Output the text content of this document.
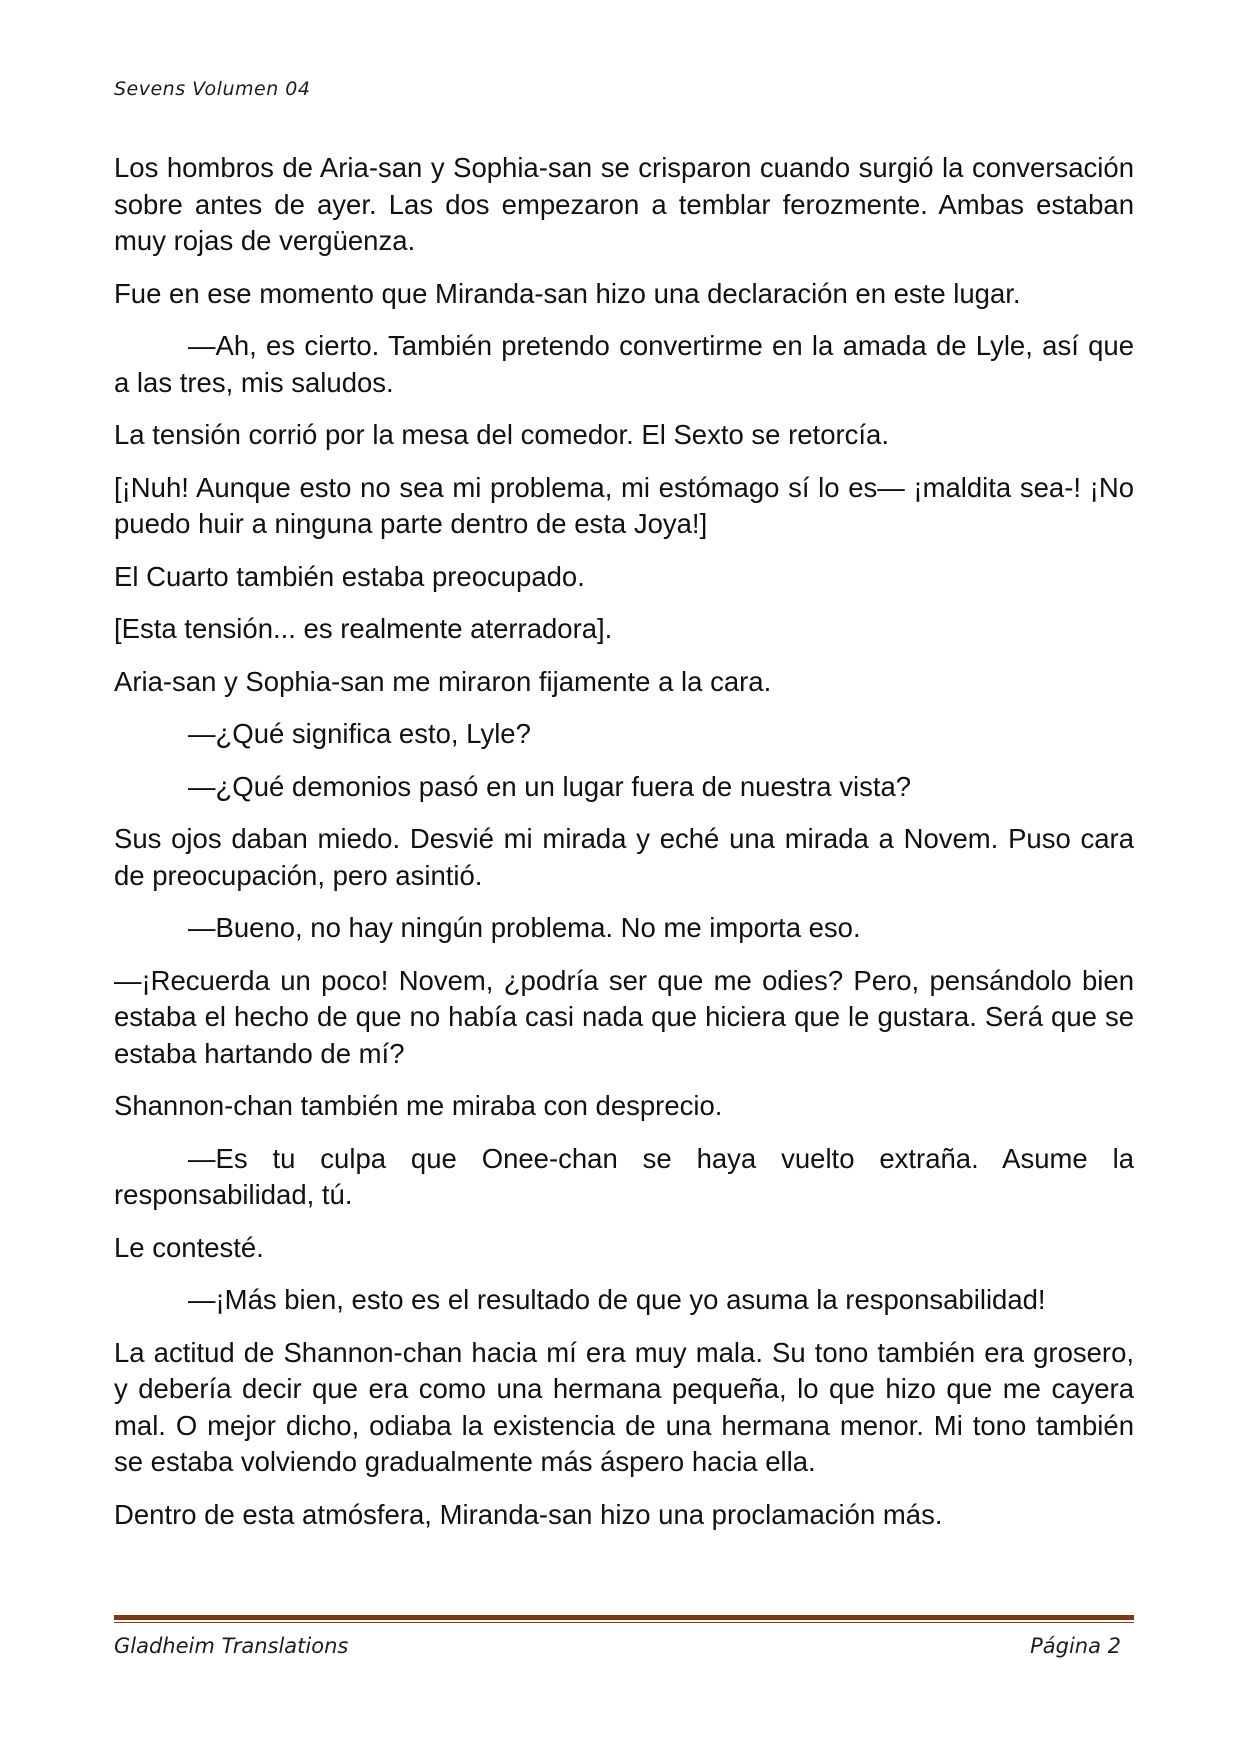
Sevens Volumen 04

Los hombros de Aria-san y Sophia-san se crisparon cuando surgió la conversación sobre antes de ayer. Las dos empezaron a temblar ferozmente. Ambas estaban muy rojas de vergüenza.

Fue en ese momento que Miranda-san hizo una declaración en este lugar.

—Ah, es cierto. También pretendo convertirme en la amada de Lyle, así que a las tres, mis saludos.

La tensión corrió por la mesa del comedor. El Sexto se retorcía.

[¡Nuh! Aunque esto no sea mi problema, mi estómago sí lo es— ¡maldita sea-! ¡No puedo huir a ninguna parte dentro de esta Joya!]

El Cuarto también estaba preocupado.

[Esta tensión... es realmente aterradora].

Aria-san y Sophia-san me miraron fijamente a la cara.

—¿Qué significa esto, Lyle?

—¿Qué demonios pasó en un lugar fuera de nuestra vista?

Sus ojos daban miedo. Desvié mi mirada y eché una mirada a Novem. Puso cara de preocupación, pero asintió.

—Bueno, no hay ningún problema. No me importa eso.

—¡Recuerda un poco! Novem, ¿podría ser que me odies? Pero, pensándolo bien estaba el hecho de que no había casi nada que hiciera que le gustara. Será que se estaba hartando de mí?

Shannon-chan también me miraba con desprecio.

—Es tu culpa que Onee-chan se haya vuelto extraña. Asume la responsabilidad, tú.

Le contesté.

—¡Más bien, esto es el resultado de que yo asuma la responsabilidad!

La actitud de Shannon-chan hacia mí era muy mala. Su tono también era grosero, y debería decir que era como una hermana pequeña, lo que hizo que me cayera mal. O mejor dicho, odiaba la existencia de una hermana menor. Mi tono también se estaba volviendo gradualmente más áspero hacia ella.

Dentro de esta atmósfera, Miranda-san hizo una proclamación más.

Gladheim Translations	Página 2
